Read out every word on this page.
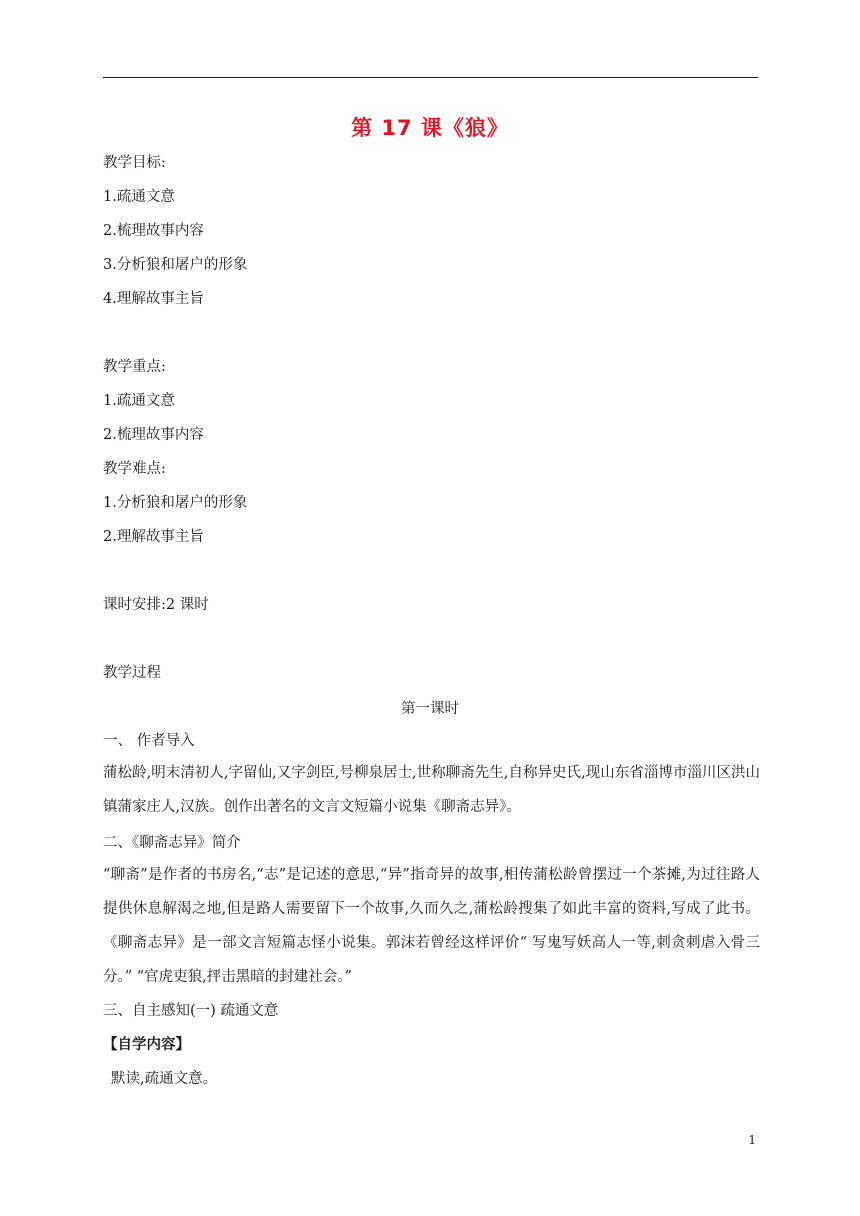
第 17 课《狼》
教学目标:
1.疏通文意
2.梳理故事内容
3.分析狼和屠户的形象
4.理解故事主旨
教学重点:
1.疏通文意
2.梳理故事内容
教学难点:
1.分析狼和屠户的形象
2.理解故事主旨
课时安排:2 课时
教学过程
第一课时
一、 作者导入
蒲松龄,明末清初人,字留仙,又字剑臣,号柳泉居士,世称聊斋先生,自称异史氏,现山东省淄博市淄川区洪山镇蒲家庄人,汉族。创作出著名的文言文短篇小说集《聊斋志异》。
二、《聊斋志异》简介
“聊斋”是作者的书房名,“志”是记述的意思,“异”指奇异的故事,相传蒲松龄曾摆过一个茶摊,为过往路人提供休息解渴之地,但是路人需要留下一个故事,久而久之,蒲松龄搜集了如此丰富的资料,写成了此书。 《聊斋志异》是一部文言短篇志怪小说集。郭沫若曾经这样评价“ 写鬼写妖高人一等,刺贪刺虐入骨三分。” “官虎吏狼,抨击黑暗的封建社会。”
三、自主感知(一) 疏通文意
【自学内容】
默读,疏通文意。
1
